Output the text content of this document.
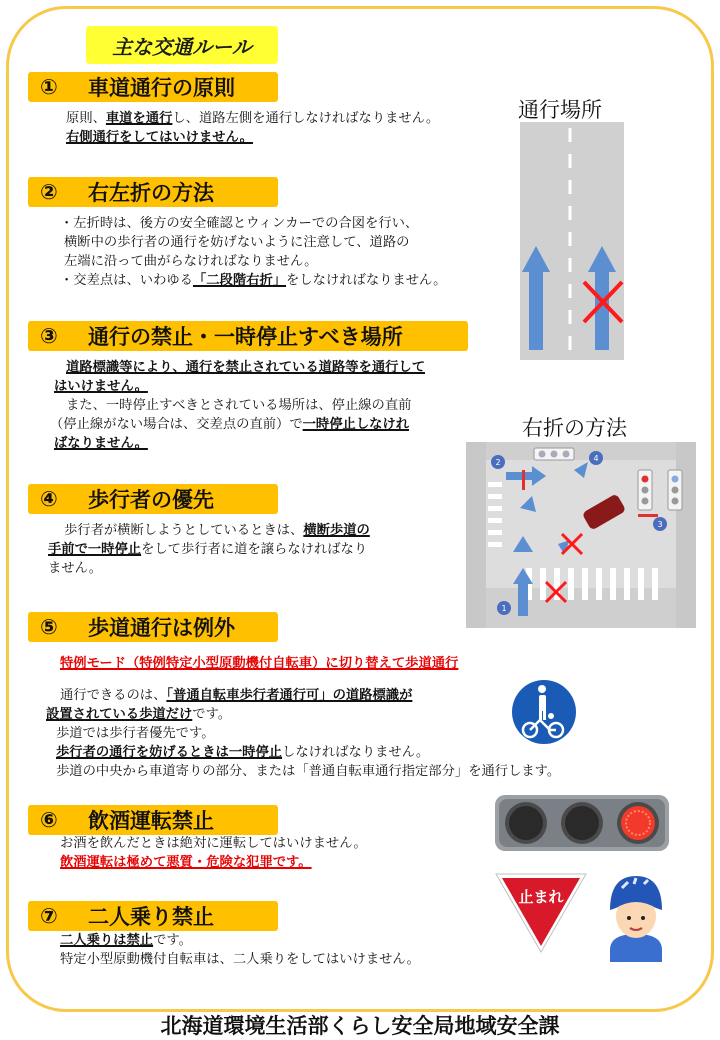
主な交通ルール
①	車道通行の原則
原則、車道を通行し、道路左側を通行しなければなりません。
右側通行をしてはいけません。
②	右左折の方法
・左折時は、後方の安全確認とウィンカーでの合図を行い、
横断中の歩行者の通行を妨げないように注意して、道路の
左端に沿って曲がらなければなりません。
・交差点は、いわゆる「二段階右折」をしなければなりません。
③	通行の禁止・一時停止すべき場所
道路標識等により、通行を禁止されている道路等を通行して
はいけません。
また、一時停止すべきとされている場所は、停止線の直前
（停止線がない場合は、交差点の直前）で一時停止しなけれ
ばなりません。
④	歩行者の優先
歩行者が横断しようとしているときは、横断歩道の
手前で一時停止をして歩行者に道を譲らなければなり
ません。
⑤	歩道通行は例外
特例モード（特例特定小型原動機付自転車）に切り替えて歩道通行
通行できるのは、「普通自転車歩行者通行可」の道路標識が
設置されている歩道だけです。
歩道では歩行者優先です。
歩行者の通行を妨げるときは一時停止しなければなりません。
歩道の中央から車道寄りの部分、または「普通自転車通行指定部分」を通行します。
⑥	飲酒運転禁止
お酒を飲んだときは絶対に運転してはいけません。
飲酒運転は極めて悪質・危険な犯罪です。
⑦	二人乗り禁止
二人乗りは禁止です。
特定小型原動機付自転車は、二人乗りをしてはいけません。
通行場所
右折の方法
1
2
3
4
止まれ
北海道環境生活部くらし安全局地域安全課
